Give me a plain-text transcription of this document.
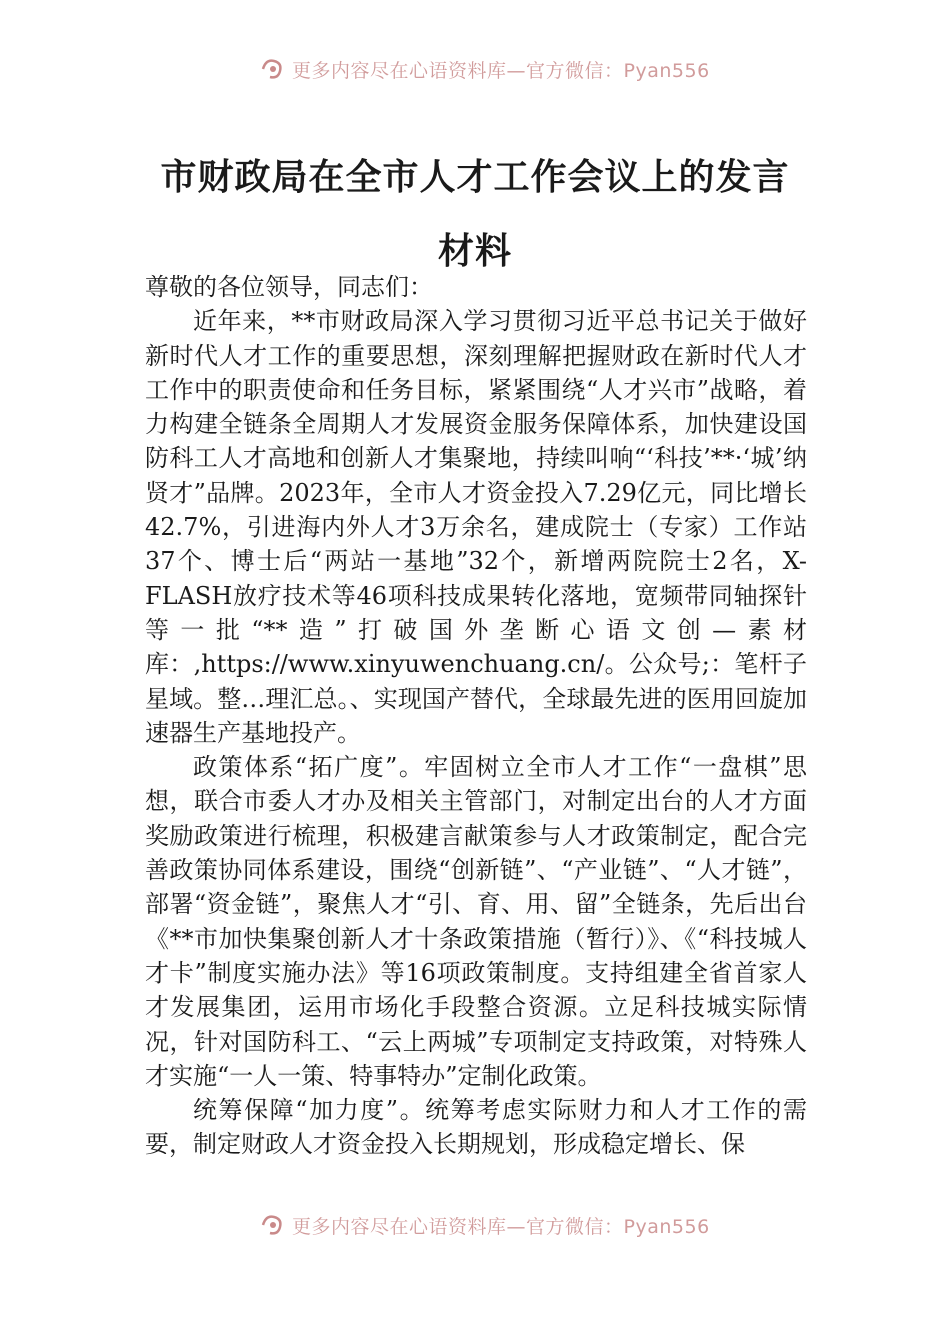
更多内容尽在心语资料库—官方微信：Pyan556
市财政局在全市人才工作会议上的发言材料

尊敬的各位领导，同志们：

近年来，**市财政局深入学习贯彻习近平总书记关于做好新时代人才工作的重要思想，深刻理解把握财政在新时代人才工作中的职责使命和任务目标，紧紧围绕“人才兴市”战略，着力构建全链条全周期人才发展资金服务保障体系，加快建设国防科工人才高地和创新人才集聚地，持续叫响“‘科技’**·‘城’纳贤才”品牌。2023年，全市人才资金投入7.29亿元，同比增长42.7%，引进海内外人才3万余名，建成院士（专家）工作站37个、博士后“两站一基地”32个，新增两院院士2名，X-FLASH放疗技术等46项科技成果转化落地，宽频带同轴探针等一批“**造”打破国外垄断心语文创—素材库：,https://www.xinyuwenchuang.cn/。公众号;：笔杆子星域。整…理汇总。、实现国产替代，全球最先进的医用回旋加速器生产基地投产。

政策体系“拓广度”。牢固树立全市人才工作“一盘棋”思想，联合市委人才办及相关主管部门，对制定出台的人才方面奖励政策进行梳理，积极建言献策参与人才政策制定，配合完善政策协同体系建设，围绕“创新链”、“产业链”、“人才链”，部署“资金链”，聚焦人才“引、育、用、留”全链条，先后出台《**市加快集聚创新人才十条政策措施（暂行）》、《“科技城人才卡”制度实施办法》等16项政策制度。支持组建全省首家人才发展集团，运用市场化手段整合资源。立足科技城实际情况，针对国防科工、“云上两城”专项制定支持政策，对特殊人才实施“一人一策、特事特办”定制化政策。

统筹保障“加力度”。统筹考虑实际财力和人才工作的需要，制定财政人才资金投入长期规划，形成稳定增长、保

更多内容尽在心语资料库—官方微信：Pyan556
